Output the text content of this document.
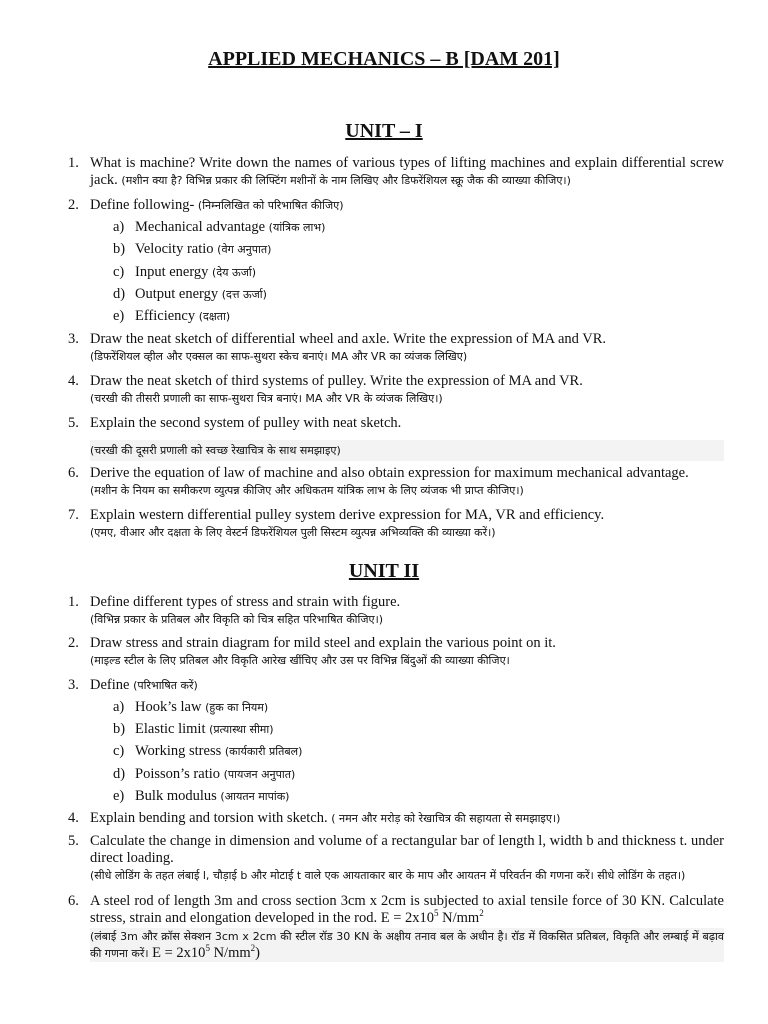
APPLIED MECHANICS – B [DAM 201]
UNIT – I
1. What is machine? Write down the names of various types of lifting machines and explain differential screw jack. (मशीन क्या है? विभिन्न प्रकार की लिफ्टिंग मशीनों के नाम लिखिए और डिफरेंशियल स्क्रू जैक की व्याख्या कीजिए।)
2. Define following- (निम्नलिखित को परिभाषित कीजिए)
a) Mechanical advantage (यांत्रिक लाभ)
b) Velocity ratio (वेग अनुपात)
c) Input energy (देय ऊर्जा)
d) Output energy (दत्त ऊर्जा)
e) Efficiency (दक्षता)
3. Draw the neat sketch of differential wheel and axle. Write the expression of MA and VR.
(डिफरेंशियल व्हील और एक्सल का साफ-सुथरा स्केच बनाएं। MA और VR का व्यंजक लिखिए)
4. Draw the neat sketch of third systems of pulley. Write the expression of MA and VR.
(चरखी की तीसरी प्रणाली का साफ-सुथरा चित्र बनाएं। MA और VR के व्यंजक लिखिए।)
5. Explain the second system of pulley with neat sketch.
(चरखी की दूसरी प्रणाली को स्वच्छ रेखाचित्र के साथ समझाइए)
6. Derive the equation of law of machine and also obtain expression for maximum mechanical advantage.
(मशीन के नियम का समीकरण व्युत्पन्न कीजिए और अधिकतम यांत्रिक लाभ के लिए व्यंजक भी प्राप्त कीजिए।)
7. Explain western differential pulley system derive expression for MA, VR and efficiency.
(एमए, वीआर और दक्षता के लिए वेस्टर्न डिफरेंशियल पुली सिस्टम व्युत्पन्न अभिव्यक्ति की व्याख्या करें।)
UNIT II
1. Define different types of stress and strain with figure.
(विभिन्न प्रकार के प्रतिबल और विकृति को चित्र सहित परिभाषित कीजिए।)
2. Draw stress and strain diagram for mild steel and explain the various point on it.
(माइल्ड स्टील के लिए प्रतिबल और विकृति आरेख खींचिए और उस पर विभिन्न बिंदुओं की व्याख्या कीजिए।
3. Define (परिभाषित करें)
a) Hook’s law (हुक का नियम)
b) Elastic limit (प्रत्यास्था सीमा)
c) Working stress (कार्यकारी प्रतिबल)
d) Poisson’s ratio (पायजन अनुपात)
e) Bulk modulus (आयतन मापांक)
4. Explain bending and torsion with sketch. ( नमन और मरोड़ को रेखाचित्र की सहायता से समझाइए।)
5. Calculate the change in dimension and volume of a rectangular bar of length l, width b and thickness t. under direct loading.
(सीधे लोडिंग के तहत लंबाई l, चौड़ाई b और मोटाई t वाले एक आयताकार बार के माप और आयतन में परिवर्तन की गणना करें। सीधे लोडिंग के तहत।)
6. A steel rod of length 3m and cross section 3cm x 2cm is subjected to axial tensile force of 30 KN. Calculate stress, strain and elongation developed in the rod. $E = 2x10^5$ $N/mm^2$
(लंबाई 3m और क्रॉस सेक्शन 3cm x 2cm की स्टील रॉड 30 KN के अक्षीय तनाव बल के अधीन है। रॉड में विकसित प्रतिबल, विकृति और लम्बाई में बढ़ाव की गणना करें। $E = 2x10^5$ $N/mm^2$)
